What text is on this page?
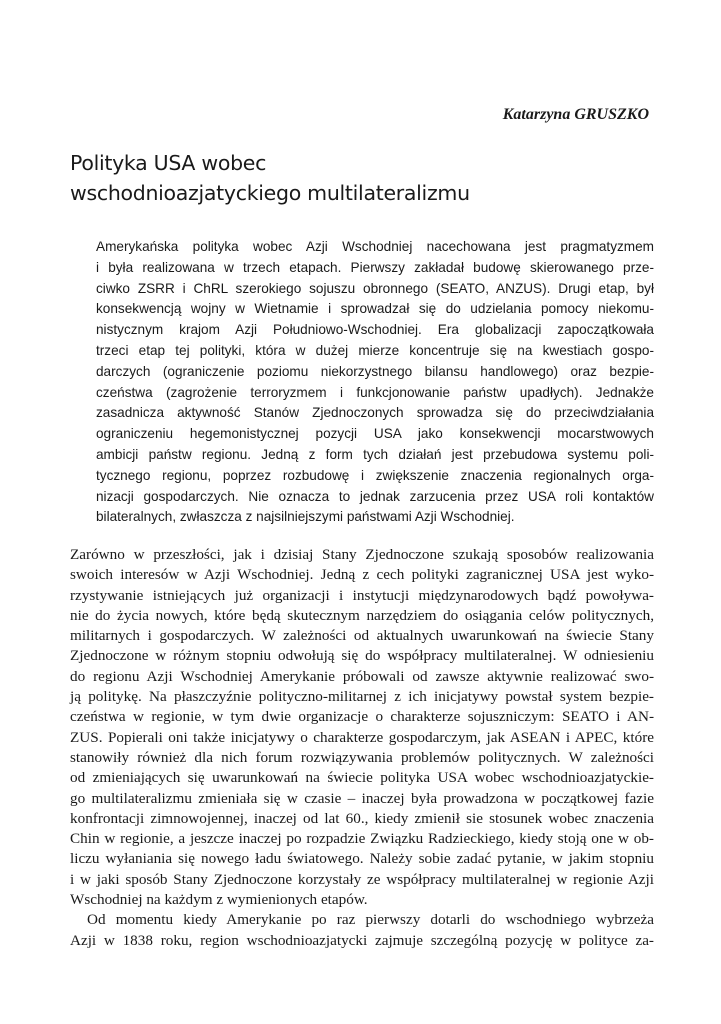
Katarzyna GRUSZKO

Polityka USA wobec
wschodnioazjatyckiego multilateralizmu
Amerykańska polityka wobec Azji Wschodniej nacechowana jest pragmatyzmem
i była realizowana w trzech etapach. Pierwszy zakładał budowę skierowanego prze-
ciwko ZSRR i ChRL szerokiego sojuszu obronnego (SEATO, ANZUS). Drugi etap, był
konsekwencją wojny w Wietnamie i sprowadzał się do udzielania pomocy niekomu-
nistycznym krajom Azji Południowo-Wschodniej. Era globalizacji zapoczątkowała
trzeci etap tej polityki, która w dużej mierze koncentruje się na kwestiach gospo-
darczych (ograniczenie poziomu niekorzystnego bilansu handlowego) oraz bezpie-
czeństwa (zagrożenie terroryzmem i funkcjonowanie państw upadłych). Jednakże
zasadnicza aktywność Stanów Zjednoczonych sprowadza się do przeciwdziałania
ograniczeniu hegemonistycznej pozycji USA jako konsekwencji mocarstwowych
ambicji państw regionu. Jedną z form tych działań jest przebudowa systemu poli-
tycznego regionu, poprzez rozbudowę i zwiększenie znaczenia regionalnych orga-
nizacji gospodarczych. Nie oznacza to jednak zarzucenia przez USA roli kontaktów
bilateralnych, zwłaszcza z najsilniejszymi państwami Azji Wschodniej.
Zarówno w przeszłości, jak i dzisiaj Stany Zjednoczone szukają sposobów realizowania
swoich interesów w Azji Wschodniej. Jedną z cech polityki zagranicznej USA jest wyko-
rzystywanie istniejących już organizacji i instytucji międzynarodowych bądź powoływa-
nie do życia nowych, które będą skutecznym narzędziem do osiągania celów politycznych,
militarnych i gospodarczych. W zależności od aktualnych uwarunkowań na świecie Stany
Zjednoczone w różnym stopniu odwołują się do współpracy multilateralnej. W odniesieniu
do regionu Azji Wschodniej Amerykanie próbowali od zawsze aktywnie realizować swo-
ją politykę. Na płaszczyźnie polityczno-militarnej z ich inicjatywy powstał system bezpie-
czeństwa w regionie, w tym dwie organizacje o charakterze sojuszniczym: SEATO i AN-
ZUS. Popierali oni także inicjatywy o charakterze gospodarczym, jak ASEAN i APEC, które
stanowiły również dla nich forum rozwiązywania problemów politycznych. W zależności
od zmieniających się uwarunkowań na świecie polityka USA wobec wschodnioazjatyckie-
go multilateralizmu zmieniała się w czasie – inaczej była prowadzona w początkowej fazie
konfrontacji zimnowojennej, inaczej od lat 60., kiedy zmienił sie stosunek wobec znaczenia
Chin w regionie, a jeszcze inaczej po rozpadzie Związku Radzieckiego, kiedy stoją one w ob-
liczu wyłaniania się nowego ładu światowego. Należy sobie zadać pytanie, w jakim stopniu
i w jaki sposób Stany Zjednoczone korzystały ze współpracy multilateralnej w regionie Azji
Wschodniej na każdym z wymienionych etapów.
Od momentu kiedy Amerykanie po raz pierwszy dotarli do wschodniego wybrzeża
Azji w 1838 roku, region wschodnioazjatycki zajmuje szczególną pozycję w polityce za-
